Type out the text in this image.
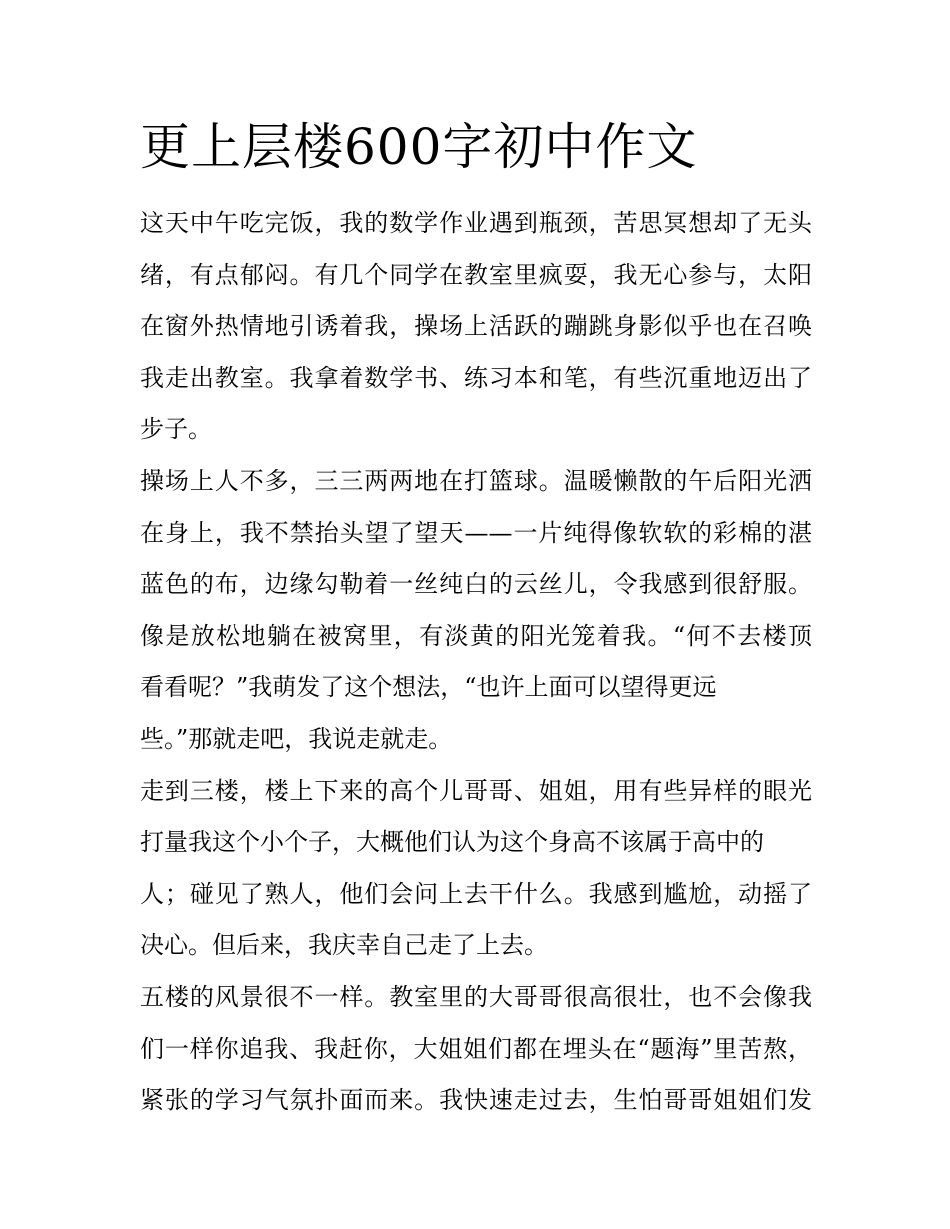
更上层楼600字初中作文
这天中午吃完饭，我的数学作业遇到瓶颈，苦思冥想却了无头
绪，有点郁闷。有几个同学在教室里疯耍，我无心参与，太阳
在窗外热情地引诱着我，操场上活跃的蹦跳身影似乎也在召唤
我走出教室。我拿着数学书、练习本和笔，有些沉重地迈出了
步子。
操场上人不多，三三两两地在打篮球。温暖懒散的午后阳光洒
在身上，我不禁抬头望了望天——一片纯得像软软的彩棉的湛
蓝色的布，边缘勾勒着一丝纯白的云丝儿，令我感到很舒服。
像是放松地躺在被窝里，有淡黄的阳光笼着我。“何不去楼顶
看看呢？”我萌发了这个想法，“也许上面可以望得更远
些。”那就走吧，我说走就走。
走到三楼，楼上下来的高个儿哥哥、姐姐，用有些异样的眼光
打量我这个小个子，大概他们认为这个身高不该属于高中的
人；碰见了熟人，他们会问上去干什么。我感到尴尬，动摇了
决心。但后来，我庆幸自己走了上去。
五楼的风景很不一样。教室里的大哥哥很高很壮，也不会像我
们一样你追我、我赶你，大姐姐们都在埋头在“题海”里苦熬，
紧张的学习气氛扑面而来。我快速走过去，生怕哥哥姐姐们发
